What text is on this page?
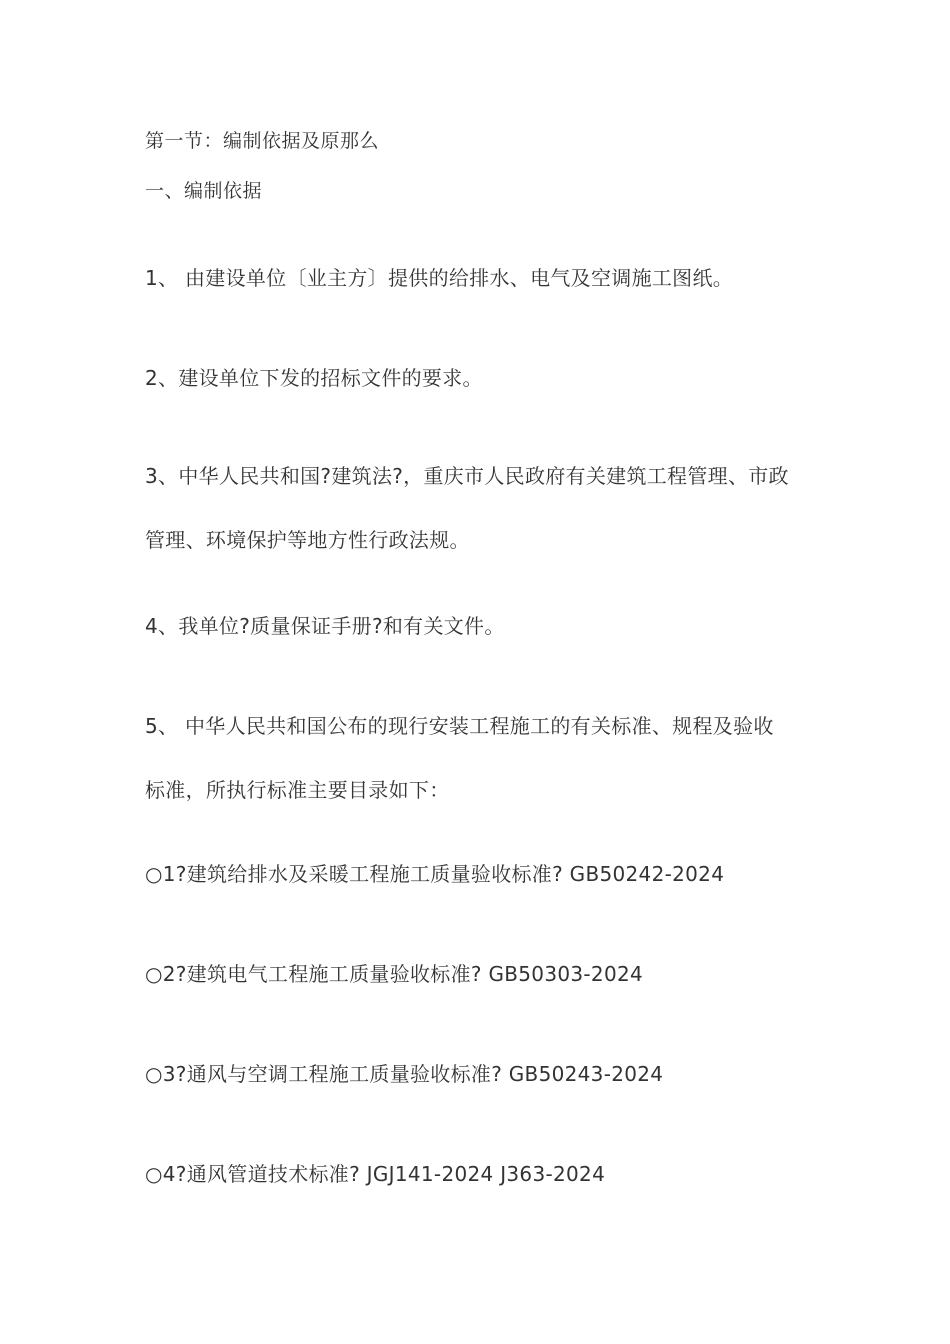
第一节：编制依据及原那么
一、编制依据
1、 由建设单位〔业主方〕提供的给排水、电气及空调施工图纸。
2、建设单位下发的招标文件的要求。
3、中华人民共和国?建筑法?，重庆市人民政府有关建筑工程管理、市政
管理、环境保护等地方性行政法规。
4、我单位?质量保证手册?和有关文件。
5、 中华人民共和国公布的现行安装工程施工的有关标准、规程及验收
标准，所执行标准主要目录如下：
○1?建筑给排水及采暖工程施工质量验收标准? GB50242-2024
○2?建筑电气工程施工质量验收标准? GB50303-2024
○3?通风与空调工程施工质量验收标准? GB50243-2024
○4?通风管道技术标准? JGJ141-2024 J363-2024
